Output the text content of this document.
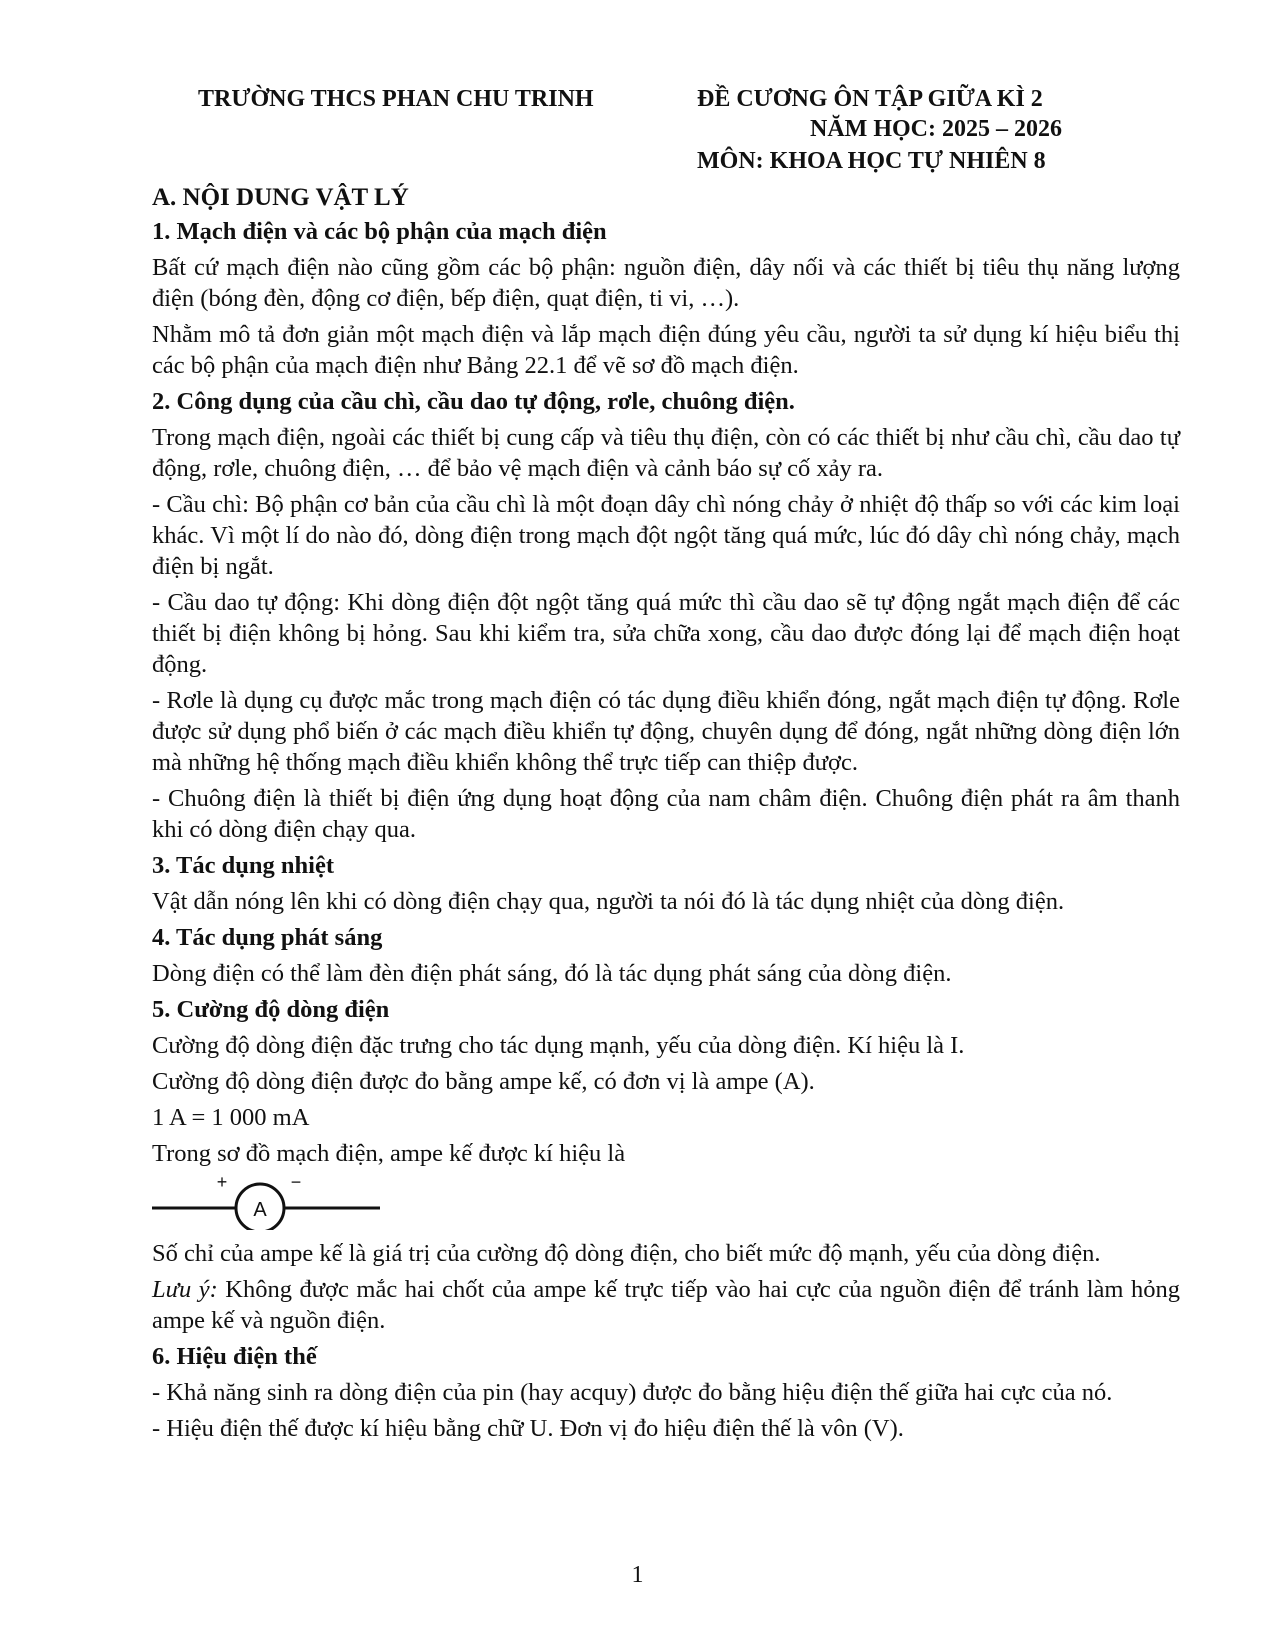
TRƯỜNG THCS PHAN CHU TRINH	ĐỀ CƯƠNG ÔN TẬP GIỮA KÌ 2
NĂM HỌC: 2025 – 2026
MÔN: KHOA HỌC TỰ NHIÊN 8
A. NỘI DUNG VẬT LÝ
1. Mạch điện và các bộ phận của mạch điện

Bất cứ mạch điện nào cũng gồm các bộ phận: nguồn điện, dây nối và các thiết bị tiêu thụ năng lượng điện (bóng đèn, động cơ điện, bếp điện, quạt điện, ti vi, …).

Nhằm mô tả đơn giản một mạch điện và lắp mạch điện đúng yêu cầu, người ta sử dụng kí hiệu biểu thị các bộ phận của mạch điện như Bảng 22.1 để vẽ sơ đồ mạch điện.

2. Công dụng của cầu chì, cầu dao tự động, rơle, chuông điện.

Trong mạch điện, ngoài các thiết bị cung cấp và tiêu thụ điện, còn có các thiết bị như cầu chì, cầu dao tự động, rơle, chuông điện, … để bảo vệ mạch điện và cảnh báo sự cố xảy ra.

- Cầu chì: Bộ phận cơ bản của cầu chì là một đoạn dây chì nóng chảy ở nhiệt độ thấp so với các kim loại khác. Vì một lí do nào đó, dòng điện trong mạch đột ngột tăng quá mức, lúc đó dây chì nóng chảy, mạch điện bị ngắt.

- Cầu dao tự động: Khi dòng điện đột ngột tăng quá mức thì cầu dao sẽ tự động ngắt mạch điện để các thiết bị điện không bị hỏng. Sau khi kiểm tra, sửa chữa xong, cầu dao được đóng lại để mạch điện hoạt động.

- Rơle là dụng cụ được mắc trong mạch điện có tác dụng điều khiển đóng, ngắt mạch điện tự động. Rơle được sử dụng phổ biến ở các mạch điều khiển tự động, chuyên dụng để đóng, ngắt những dòng điện lớn mà những hệ thống mạch điều khiển không thể trực tiếp can thiệp được.

- Chuông điện là thiết bị điện ứng dụng hoạt động của nam châm điện. Chuông điện phát ra âm thanh khi có dòng điện chạy qua.

3. Tác dụng nhiệt

Vật dẫn nóng lên khi có dòng điện chạy qua, người ta nói đó là tác dụng nhiệt của dòng điện.

4. Tác dụng phát sáng

Dòng điện có thể làm đèn điện phát sáng, đó là tác dụng phát sáng của dòng điện.

5. Cường độ dòng điện

Cường độ dòng điện đặc trưng cho tác dụng mạnh, yếu của dòng điện. Kí hiệu là I.

Cường độ dòng điện được đo bằng ampe kế, có đơn vị là ampe (A).

1 A = 1 000 mA

Trong sơ đồ mạch điện, ampe kế được kí hiệu là

A
+	−

Số chỉ của ampe kế là giá trị của cường độ dòng điện, cho biết mức độ mạnh, yếu của dòng điện.

Lưu ý: Không được mắc hai chốt của ampe kế trực tiếp vào hai cực của nguồn điện để tránh làm hỏng ampe kế và nguồn điện.

6. Hiệu điện thế

- Khả năng sinh ra dòng điện của pin (hay acquy) được đo bằng hiệu điện thế giữa hai cực của nó.

- Hiệu điện thế được kí hiệu bằng chữ U. Đơn vị đo hiệu điện thế là vôn (V).

1
